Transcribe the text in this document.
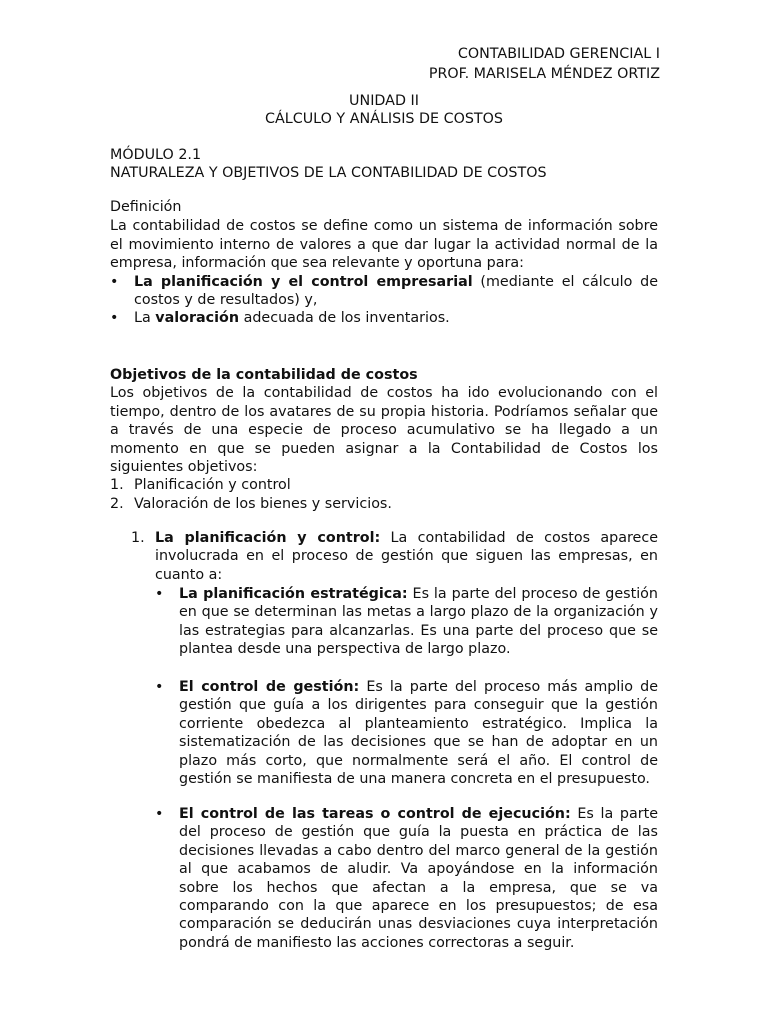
CONTABILIDAD GERENCIAL I
PROF. MARISELA MÉNDEZ ORTIZ
UNIDAD II
CÁLCULO Y ANÁLISIS DE COSTOS
MÓDULO 2.1
NATURALEZA Y OBJETIVOS DE LA CONTABILIDAD DE COSTOS

Definición

La contabilidad de costos se define como un sistema de información sobre el movimiento interno de valores a que dar lugar la actividad normal de la empresa, información que sea relevante y oportuna para:

• La planificación y el control empresarial (mediante el cálculo de costos y de resultados) y,
• La valoración adecuada de los inventarios.

Objetivos de la contabilidad de costos

Los objetivos de la contabilidad de costos ha ido evolucionando con el tiempo, dentro de los avatares de su propia historia. Podríamos señalar que a través de una especie de proceso acumulativo se ha llegado a un momento en que se pueden asignar a la Contabilidad de Costos los siguientes objetivos:

1. Planificación y control
2. Valoración de los bienes y servicios.
1. La planificación y control: La contabilidad de costos aparece involucrada en el proceso de gestión que siguen las empresas, en cuanto a:
• La planificación estratégica: Es la parte del proceso de gestión en que se determinan las metas a largo plazo de la organización y las estrategias para alcanzarlas. Es una parte del proceso que se plantea desde una perspectiva de largo plazo.
• El control de gestión: Es la parte del proceso más amplio de gestión que guía a los dirigentes para conseguir que la gestión corriente obedezca al planteamiento estratégico. Implica la sistematización de las decisiones que se han de adoptar en un plazo más corto, que normalmente será el año. El control de gestión se manifiesta de una manera concreta en el presupuesto.
• El control de las tareas o control de ejecución: Es la parte del proceso de gestión que guía la puesta en práctica de las decisiones llevadas a cabo dentro del marco general de la gestión al que acabamos de aludir. Va apoyándose en la información sobre los hechos que afectan a la empresa, que se va comparando con la que aparece en los presupuestos; de esa comparación se deducirán unas desviaciones cuya interpretación pondrá de manifiesto las acciones correctoras a seguir.
